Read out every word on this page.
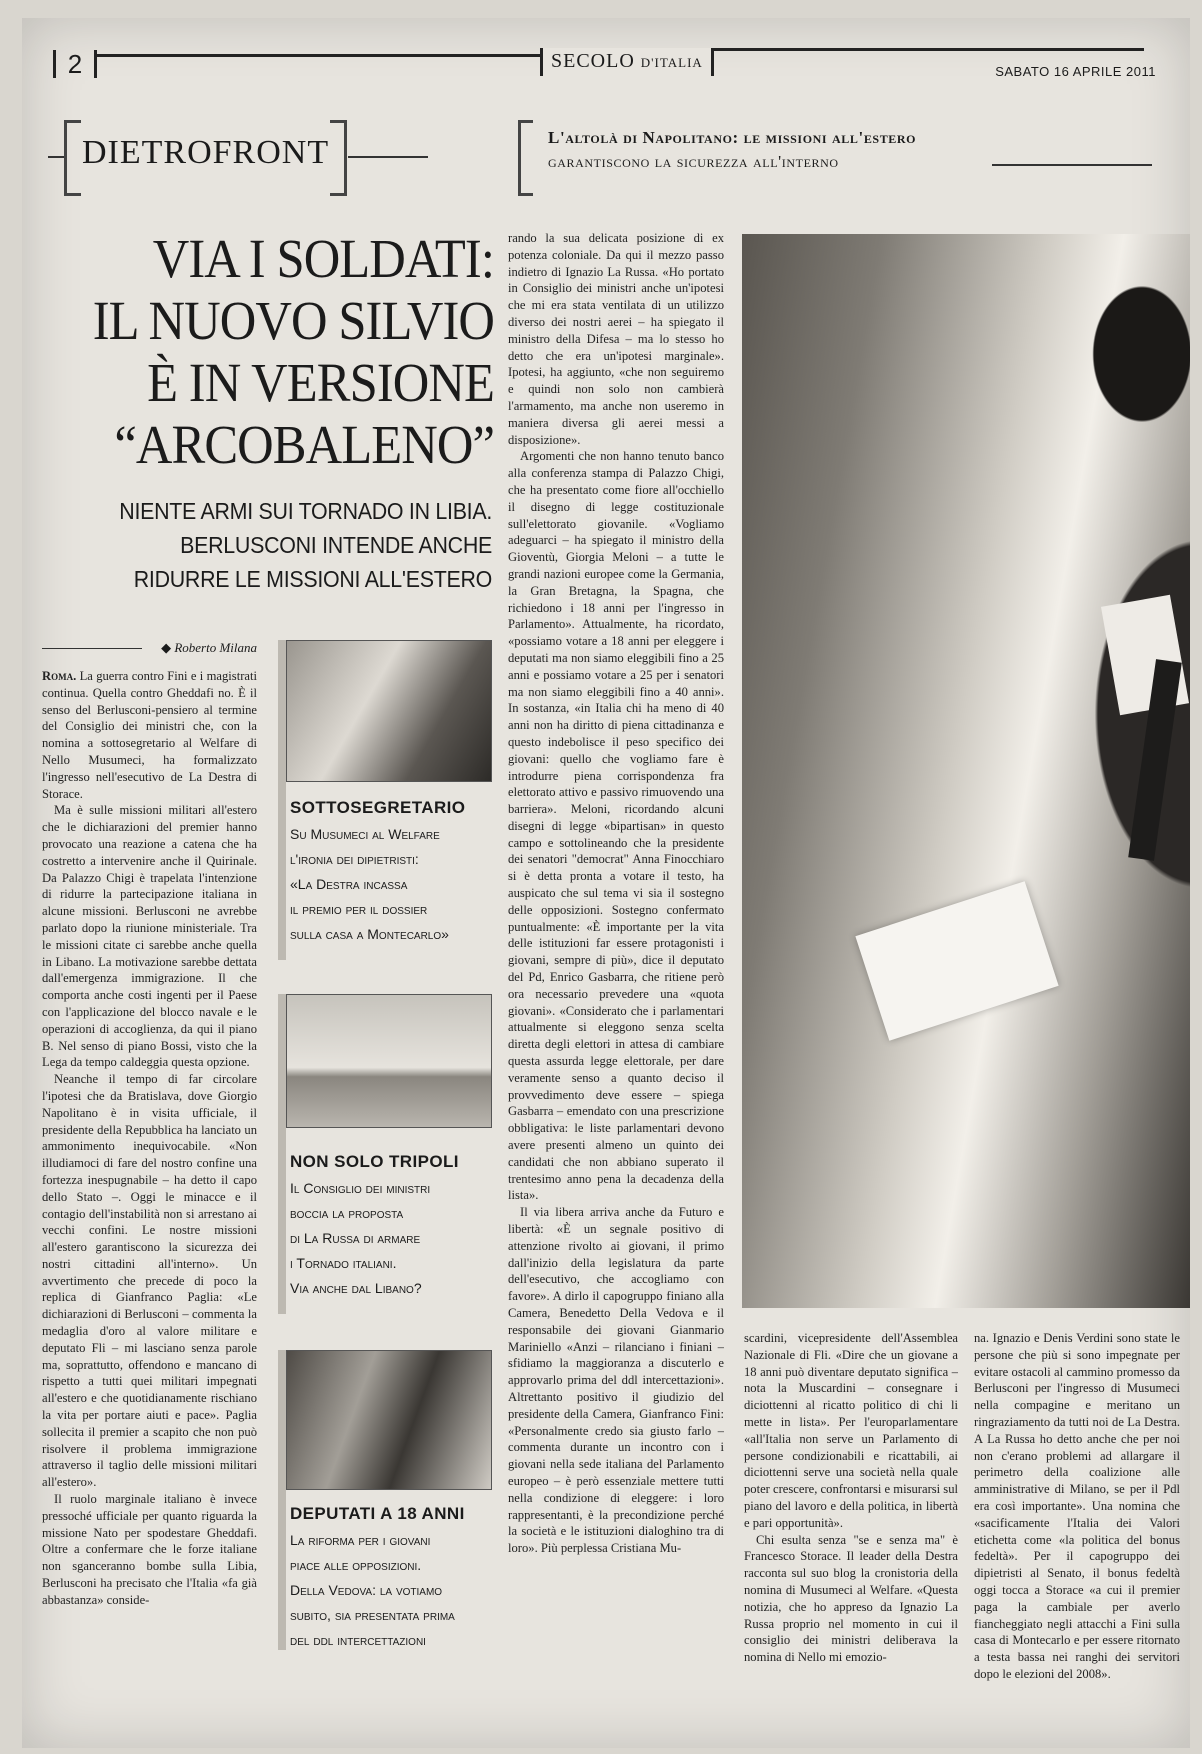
2	SECOLO D'ITALIA
SABATO 16 APRILE 2011
DIETROFRONT	L'altolà di Napolitano: le missioni all'estero
garantiscono la sicurezza all'interno
VIA I SOLDATI:
IL NUOVO SILVIO
È IN VERSIONE
“ARCOBALENO”
NIENTE ARMI SUI TORNADO IN LIBIA.
BERLUSCONI INTENDE ANCHE
RIDURRE LE MISSIONI ALL'ESTERO
◆ Roberto Milana

Roma. La guerra contro Fini e i magistrati continua. Quella contro Gheddafi no. È il senso del Berlusconi-pensiero al termine del Consiglio dei ministri che, con la nomina a sottosegretario al Welfare di Nello Musumeci, ha formalizzato l'ingresso nell'esecutivo de La Destra di Storace.

Ma è sulle missioni militari all'estero che le dichiarazioni del premier hanno provocato una reazione a catena che ha costretto a intervenire anche il Quirinale. Da Palazzo Chigi è trapelata l'intenzione di ridurre la partecipazione italiana in alcune missioni. Berlusconi ne avrebbe parlato dopo la riunione ministeriale. Tra le missioni citate ci sarebbe anche quella in Libano. La motivazione sarebbe dettata dall'emergenza immigrazione. Il che comporta anche costi ingenti per il Paese con l'applicazione del blocco navale e le operazioni di accoglienza, da qui il piano B. Nel senso di piano Bossi, visto che la Lega da tempo caldeggia questa opzione.

Neanche il tempo di far circolare l'ipotesi che da Bratislava, dove Giorgio Napolitano è in visita ufficiale, il presidente della Repubblica ha lanciato un ammonimento inequivocabile. «Non illudiamoci di fare del nostro confine una fortezza inespugnabile – ha detto il capo dello Stato –. Oggi le minacce e il contagio dell'instabilità non si arrestano ai vecchi confini. Le nostre missioni all'estero garantiscono la sicurezza dei nostri cittadini all'interno». Un avvertimento che precede di poco la replica di Gianfranco Paglia: «Le dichiarazioni di Berlusconi – commenta la medaglia d'oro al valore militare e deputato Fli – mi lasciano senza parole ma, soprattutto, offendono e mancano di rispetto a tutti quei militari impegnati all'estero e che quotidianamente rischiano la vita per portare aiuti e pace». Paglia sollecita il premier a scapito che non può risolvere il problema immigrazione attraverso il taglio delle missioni militari all'estero».

Il ruolo marginale italiano è invece pressoché ufficiale per quanto riguarda la missione Nato per spodestare Gheddafi. Oltre a confermare che le forze italiane non sganceranno bombe sulla Libia, Berlusconi ha precisato che l'Italia «fa già abbastanza» conside-

SOTTOSEGRETARIO
Su Musumeci al Welfare
l'ironia dei dipietristi:
«La Destra incassa
il premio per il dossier
sulla casa a Montecarlo»
NON SOLO TRIPOLI
Il Consiglio dei ministri
boccia la proposta
di La Russa di armare
i Tornado italiani.
Via anche dal Libano?
DEPUTATI A 18 ANNI
La riforma per i giovani
piace alle opposizioni.
Della Vedova: la votiamo
subito, sia presentata prima
del ddl intercettazioni

rando la sua delicata posizione di ex potenza coloniale. Da qui il mezzo passo indietro di Ignazio La Russa. «Ho portato in Consiglio dei ministri anche un'ipotesi che mi era stata ventilata di un utilizzo diverso dei nostri aerei – ha spiegato il ministro della Difesa – ma lo stesso ho detto che era un'ipotesi marginale». Ipotesi, ha aggiunto, «che non seguiremo e quindi non solo non cambierà l'armamento, ma anche non useremo in maniera diversa gli aerei messi a disposizione».

Argomenti che non hanno tenuto banco alla conferenza stampa di Palazzo Chigi, che ha presentato come fiore all'occhiello il disegno di legge costituzionale sull'elettorato giovanile. «Vogliamo adeguarci – ha spiegato il ministro della Gioventù, Giorgia Meloni – a tutte le grandi nazioni europee come la Germania, la Gran Bretagna, la Spagna, che richiedono i 18 anni per l'ingresso in Parlamento». Attualmente, ha ricordato, «possiamo votare a 18 anni per eleggere i deputati ma non siamo eleggibili fino a 25 anni e possiamo votare a 25 per i senatori ma non siamo eleggibili fino a 40 anni». In sostanza, «in Italia chi ha meno di 40 anni non ha diritto di piena cittadinanza e questo indebolisce il peso specifico dei giovani: quello che vogliamo fare è introdurre piena corrispondenza fra elettorato attivo e passivo rimuovendo una barriera». Meloni, ricordando alcuni disegni di legge «bipartisan» in questo campo e sottolineando che la presidente dei senatori "democrat" Anna Finocchiaro si è detta pronta a votare il testo, ha auspicato che sul tema vi sia il sostegno delle opposizioni. Sostegno confermato puntualmente: «È importante per la vita delle istituzioni far essere protagonisti i giovani, sempre di più», dice il deputato del Pd, Enrico Gasbarra, che ritiene però ora necessario prevedere una «quota giovani». «Considerato che i parlamentari attualmente si eleggono senza scelta diretta degli elettori in attesa di cambiare questa assurda legge elettorale, per dare veramente senso a quanto deciso il provvedimento deve essere – spiega Gasbarra – emendato con una prescrizione obbligativa: le liste parlamentari devono avere presenti almeno un quinto dei candidati che non abbiano superato il trentesimo anno pena la decadenza della lista».

Il via libera arriva anche da Futuro e libertà: «È un segnale positivo di attenzione rivolto ai giovani, il primo dall'inizio della legislatura da parte dell'esecutivo, che accogliamo con favore». A dirlo il capogruppo finiano alla Camera, Benedetto Della Vedova e il responsabile dei giovani Gianmario Mariniello «Anzi – rilanciano i finiani – sfidiamo la maggioranza a discuterlo e approvarlo prima del ddl intercettazioni». Altrettanto positivo il giudizio del presidente della Camera, Gianfranco Fini: «Personalmente credo sia giusto farlo – commenta durante un incontro con i giovani nella sede italiana del Parlamento europeo – è però essenziale mettere tutti nella condizione di eleggere: i loro rappresentanti, è la precondizione perché la società e le istituzioni dialoghino tra di loro». Più perplessa Cristiana Mu-

scardini, vicepresidente dell'Assemblea Nazionale di Fli. «Dire che un giovane a 18 anni può diventare deputato significa – nota la Muscardini – consegnare i diciottenni al ricatto politico di chi li mette in lista». Per l'europarlamentare «all'Italia non serve un Parlamento di persone condizionabili e ricattabili, ai diciottenni serve una società nella quale poter crescere, confrontarsi e misurarsi sul piano del lavoro e della politica, in libertà e pari opportunità».

Chi esulta senza "se e senza ma" è Francesco Storace. Il leader della Destra racconta sul suo blog la cronistoria della nomina di Musumeci al Welfare. «Questa notizia, che ho appreso da Ignazio La Russa proprio nel momento in cui il consiglio dei ministri deliberava la nomina di Nello mi emozio-

na. Ignazio e Denis Verdini sono state le persone che più si sono impegnate per evitare ostacoli al cammino promesso da Berlusconi per l'ingresso di Musumeci nella compagine e meritano un ringraziamento da tutti noi de La Destra. A La Russa ho detto anche che per noi non c'erano problemi ad allargare il perimetro della coalizione alle amministrative di Milano, se per il Pdl era così importante». Una nomina che «sacificamente l'Italia dei Valori etichetta come «la politica del bonus fedeltà». Per il capogruppo dei dipietristi al Senato, il bonus fedeltà oggi tocca a Storace «a cui il premier paga la cambiale per averlo fiancheggiato negli attacchi a Fini sulla casa di Montecarlo e per essere ritornato a testa bassa nei ranghi dei servitori dopo le elezioni del 2008».
